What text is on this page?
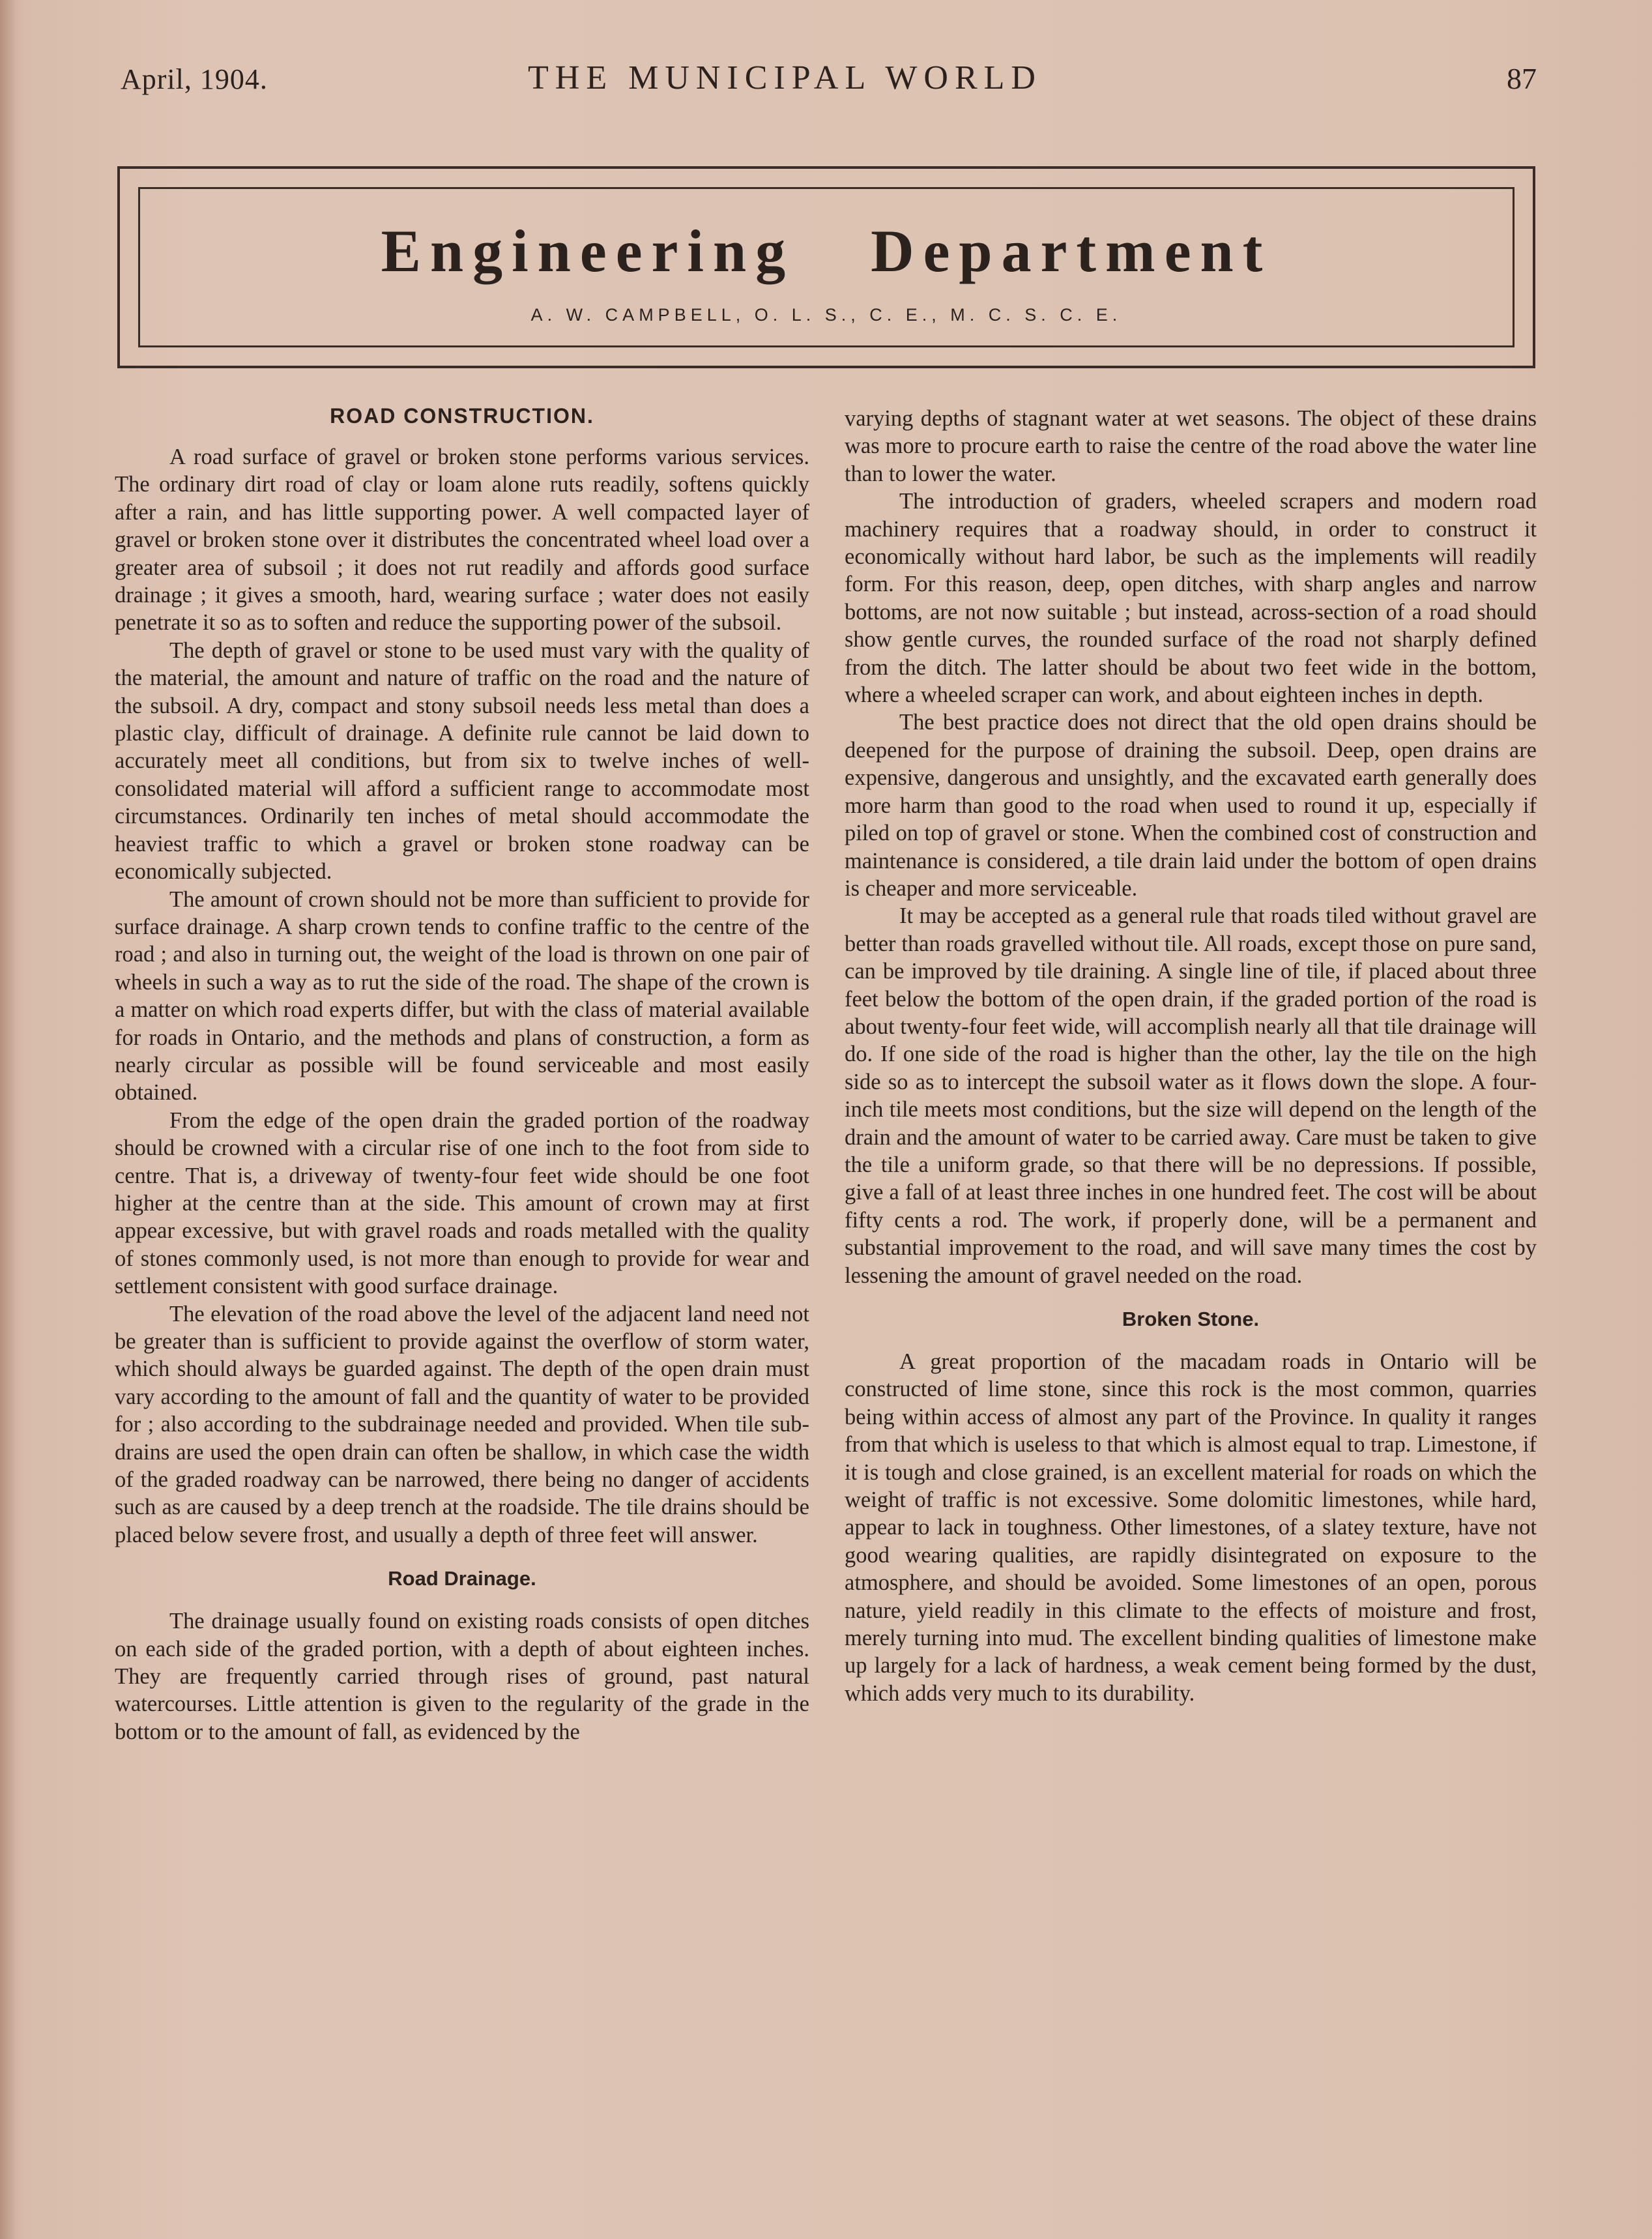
April, 1904.	THE MUNICIPAL WORLD	87
Engineering Department
A. W. CAMPBELL, O. L. S., C. E., M. C. S. C. E.
ROAD CONSTRUCTION.

A road surface of gravel or broken stone performs various services. The ordinary dirt road of clay or loam alone ruts readily, softens quickly after a rain, and has little supporting power. A well compacted layer of gravel or broken stone over it distributes the concentrated wheel load over a greater area of subsoil ; it does not rut readily and affords good surface drainage ; it gives a smooth, hard, wearing surface ; water does not easily penetrate it so as to soften and reduce the supporting power of the subsoil.

The depth of gravel or stone to be used must vary with the quality of the material, the amount and nature of traffic on the road and the nature of the subsoil. A dry, compact and stony subsoil needs less metal than does a plastic clay, difficult of drainage. A definite rule cannot be laid down to accurately meet all conditions, but from six to twelve inches of well-consolidated material will afford a sufficient range to accommodate most circumstances. Ordinarily ten inches of metal should accommodate the heaviest traffic to which a gravel or broken stone roadway can be economically subjected.

The amount of crown should not be more than sufficient to provide for surface drainage. A sharp crown tends to confine traffic to the centre of the road ; and also in turning out, the weight of the load is thrown on one pair of wheels in such a way as to rut the side of the road. The shape of the crown is a matter on which road experts differ, but with the class of material available for roads in Ontario, and the methods and plans of construction, a form as nearly circular as possible will be found serviceable and most easily obtained.

From the edge of the open drain the graded portion of the roadway should be crowned with a circular rise of one inch to the foot from side to centre. That is, a driveway of twenty-four feet wide should be one foot higher at the centre than at the side. This amount of crown may at first appear excessive, but with gravel roads and roads metalled with the quality of stones commonly used, is not more than enough to provide for wear and settlement consistent with good surface drainage.

The elevation of the road above the level of the adjacent land need not be greater than is sufficient to provide against the overflow of storm water, which should always be guarded against. The depth of the open drain must vary according to the amount of fall and the quantity of water to be provided for ; also according to the subdrainage needed and provided. When tile sub-drains are used the open drain can often be shallow, in which case the width of the graded roadway can be narrowed, there being no danger of accidents such as are caused by a deep trench at the roadside. The tile drains should be placed below severe frost, and usually a depth of three feet will answer.

Road Drainage.

The drainage usually found on existing roads consists of open ditches on each side of the graded portion, with a depth of about eighteen inches. They are frequently carried through rises of ground, past natural watercourses. Little attention is given to the regularity of the grade in the bottom or to the amount of fall, as evidenced by the

varying depths of stagnant water at wet seasons. The object of these drains was more to procure earth to raise the centre of the road above the water line than to lower the water.

The introduction of graders, wheeled scrapers and modern road machinery requires that a roadway should, in order to construct it economically without hard labor, be such as the implements will readily form. For this reason, deep, open ditches, with sharp angles and narrow bottoms, are not now suitable ; but instead, across-section of a road should show gentle curves, the rounded surface of the road not sharply defined from the ditch. The latter should be about two feet wide in the bottom, where a wheeled scraper can work, and about eighteen inches in depth.

The best practice does not direct that the old open drains should be deepened for the purpose of draining the subsoil. Deep, open drains are expensive, dangerous and unsightly, and the excavated earth generally does more harm than good to the road when used to round it up, especially if piled on top of gravel or stone. When the combined cost of construction and maintenance is considered, a tile drain laid under the bottom of open drains is cheaper and more serviceable.

It may be accepted as a general rule that roads tiled without gravel are better than roads gravelled without tile. All roads, except those on pure sand, can be improved by tile draining. A single line of tile, if placed about three feet below the bottom of the open drain, if the graded portion of the road is about twenty-four feet wide, will accomplish nearly all that tile drainage will do. If one side of the road is higher than the other, lay the tile on the high side so as to intercept the subsoil water as it flows down the slope. A four-inch tile meets most conditions, but the size will depend on the length of the drain and the amount of water to be carried away. Care must be taken to give the tile a uniform grade, so that there will be no depressions. If possible, give a fall of at least three inches in one hundred feet. The cost will be about fifty cents a rod. The work, if properly done, will be a permanent and substantial improvement to the road, and will save many times the cost by lessening the amount of gravel needed on the road.

Broken Stone.

A great proportion of the macadam roads in Ontario will be constructed of lime stone, since this rock is the most common, quarries being within access of almost any part of the Province. In quality it ranges from that which is useless to that which is almost equal to trap. Limestone, if it is tough and close grained, is an excellent material for roads on which the weight of traffic is not excessive. Some dolomitic limestones, while hard, appear to lack in toughness. Other limestones, of a slatey texture, have not good wearing qualities, are rapidly disintegrated on exposure to the atmosphere, and should be avoided. Some limestones of an open, porous nature, yield readily in this climate to the effects of moisture and frost, merely turning into mud. The excellent binding qualities of limestone make up largely for a lack of hardness, a weak cement being formed by the dust, which adds very much to its durability.
